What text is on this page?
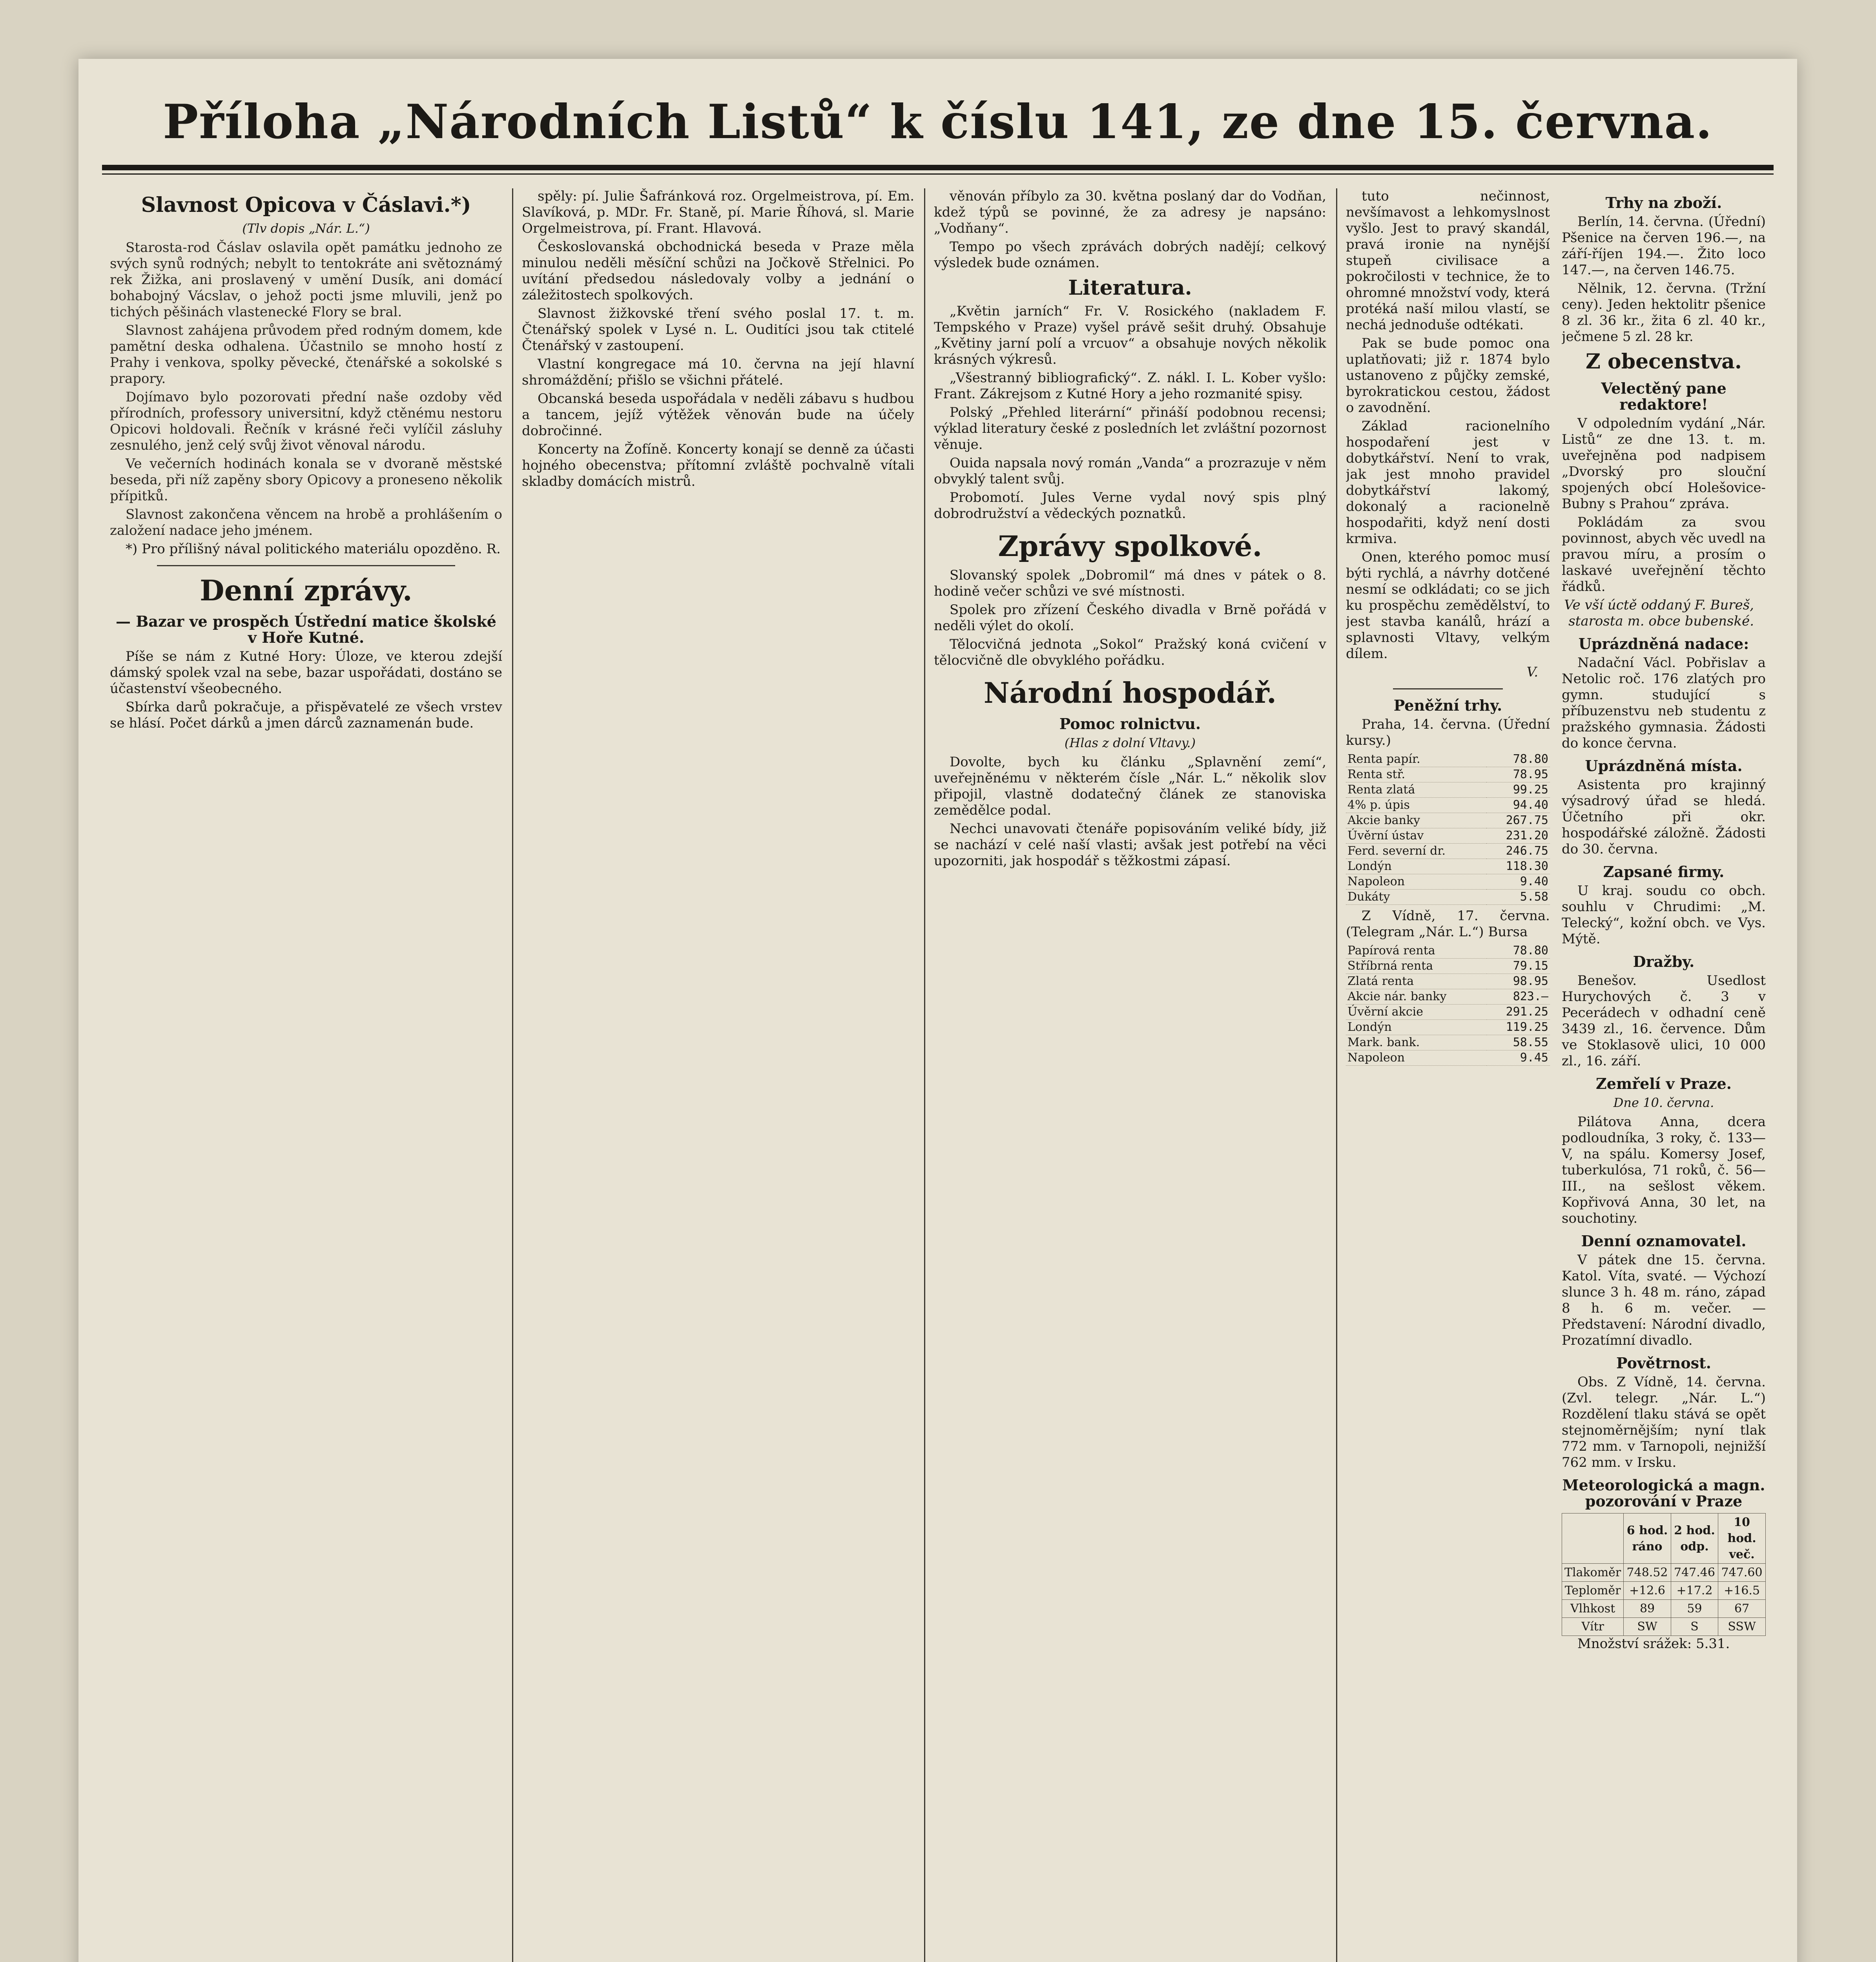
Příloha „Národních Listů“ k číslu 141, ze dne 15. června.
Slavnost Opicova v Čáslavi.*)
(Tlv dopis „Nár. L.“)

Starosta-rod Čáslav oslavila opět památku jednoho ze svých synů rodných; nebylt to tentokráte ani světoznámý rek Žižka, ani proslavený v umění Dusík, ani domácí bohabojný Vácslav, o jehož pocti jsme mluvili, jenž po tichých pěšinách vlastenecké Flory se bral.

Slavnost zahájena průvodem před rodným domem, kde pamětní deska odhalena. Účastnilo se mnoho hostí z Prahy i venkova, spolky pěvecké, čtenářské a sokolské s prapory.

Dojímavo bylo pozorovati přední naše ozdoby věd přírodních, professory universitní, když ctěnému nestoru Opicovi holdovali. Řečník v krásné řeči vylíčil zásluhy zesnulého, jenž celý svůj život věnoval národu.

Ve večerních hodinách konala se v dvoraně městské beseda, při níž zapěny sbory Opicovy a proneseno několik přípitků.

Slavnost zakončena věncem na hrobě a prohlášením o založení nadace jeho jménem.

*) Pro přílišný nával politického materiálu opozděno. R.

Denní zprávy.
— Bazar ve prospěch Ústřední matice školské v Hoře Kutné.

Píše se nám z Kutné Hory: Úloze, ve kterou zdejší dámský spolek vzal na sebe, bazar uspořádati, dostáno se účastenství všeobecného.

Sbírka darů pokračuje, a přispěvatelé ze všech vrstev se hlásí. Počet dárků a jmen dárců zaznamenán bude.

spěly: pí. Julie Šafránková roz. Orgelmeistrova, pí. Em. Slavíková, p. MDr. Fr. Staně, pí. Marie Říhová, sl. Marie Orgelmeistrova, pí. Frant. Hlavová.

Českoslovanská obchodnická beseda v Praze měla minulou neděli měsíční schůzi na Jočkově Střelnici. Po uvítání předsedou následovaly volby a jednání o záležitostech spolkových.

Slavnost žižkovské tření svého poslal 17. t. m. Čtenářský spolek v Lysé n. L. Ouditíci jsou tak ctitelé Čtenářský v zastoupení.

Vlastní kongregace má 10. června na její hlavní shromáždění; přišlo se všichni přátelé.

Obcanská beseda uspořádala v neděli zábavu s hudbou a tancem, jejíž výtěžek věnován bude na účely dobročinné.

Koncerty na Žofíně. Koncerty konají se denně za účasti hojného obecenstva; přítomní zvláště pochvalně vítali skladby domácích mistrů.

věnován příbylo za 30. května poslaný dar do Vodňan, kdež týpů se povinné, že za adresy je napsáno: „Vodňany“.

Tempo po všech zprávách dobrých nadějí; celkový výsledek bude oznámen.

Literatura.

„Květin jarních“ Fr. V. Rosického (nakladem F. Tempského v Praze) vyšel právě sešit druhý. Obsahuje „Květiny jarní polí a vrcuov“ a obsahuje nových několik krásných výkresů.

„Všestranný bibliografický“. Z. nákl. I. L. Kober vyšlo: Frant. Zákrejsom z Kutné Hory a jeho rozmanité spisy.

Polský „Přehled literární“ přináší podobnou recensi; výklad literatury české z posledních let zvláštní pozornost věnuje.

Ouida napsala nový román „Vanda“ a prozrazuje v něm obvyklý talent svůj.

Probomotí. Jules Verne vydal nový spis plný dobrodružství a vědeckých poznatků.

Zprávy spolkové.

Slovanský spolek „Dobromil“ má dnes v pátek o 8. hodině večer schůzi ve své místnosti.

Spolek pro zřízení Českého divadla v Brně pořádá v neděli výlet do okolí.

Tělocvičná jednota „Sokol“ Pražský koná cvičení v tělocvičně dle obvyklého pořádku.

Národní hospodář.
Pomoc rolnictvu.
(Hlas z dolní Vltavy.)

Dovolte, bych ku článku „Splavnění zemí“, uveřejněnému v některém čísle „Nár. L.“ několik slov připojil, vlastně dodatečný článek ze stanoviska zemědělce podal.

Nechci unavovati čtenáře popisováním veliké bídy, již se nachází v celé naší vlasti; avšak jest potřebí na věci upozorniti, jak hospodář s těžkostmi zápasí.

tuto nečinnost, nevšímavost a lehkomyslnost vyšlo. Jest to pravý skandál, pravá ironie na nynější stupeň civilisace a pokročilosti v technice, že to ohromné množství vody, která protéká naší milou vlastí, se nechá jednoduše odtékati.

Pak se bude pomoc ona uplatňovati; již r. 1874 bylo ustanoveno z půjčky zemské, byrokratickou cestou, žádost o zavodnění.

Základ racionelního hospodaření jest v dobytkářství. Není to vrak, jak jest mnoho pravidel dobytkářství lakomý, dokonalý a racionelně hospodařiti, když není dosti krmiva.

Onen, kterého pomoc musí býti rychlá, a návrhy dotčené nesmí se odkládati; co se jich ku prospěchu zemědělství, to jest stavba kanálů, hrází a splavnosti Vltavy, velkým dílem.

V.
Peněžní trhy.

Praha, 14. června. (Úřední kursy.)

Renta papír.	78.80
Renta stř.	78.95
Renta zlatá	99.25
4% p. úpis	94.40
Akcie banky	267.75
Úvěrní ústav	231.20
Ferd. severní dr.	246.75
Londýn	118.30
Napoleon	9.40
Dukáty	5.58

Z Vídně, 17. června. (Telegram „Nár. L.“) Bursa

Papírová renta	78.80
Stříbrná renta	79.15
Zlatá renta	98.95
Akcie nár. banky	823.—
Úvěrní akcie	291.25
Londýn	119.25
Mark. bank.	58.55
Napoleon	9.45
Trhy na zboží.

Berlín, 14. června. (Úřední) Pšenice na červen 196.—, na září-říjen 194.—. Žito loco 147.—, na červen 146.75.

Nělnik, 12. června. (Tržní ceny). Jeden hektolitr pšenice 8 zl. 36 kr., žita 6 zl. 40 kr., ječmene 5 zl. 28 kr.

Z obecenstva.
Velectěný pane redaktore!

V odpoledním vydání „Nár. Listů“ ze dne 13. t. m. uveřejněna pod nadpisem „Dvorský pro slouční spojených obcí Holešovice-Bubny s Prahou“ zpráva.

Pokládám za svou povinnost, abych věc uvedl na pravou míru, a prosím o laskavé uveřejnění těchto řádků.

Ve vší úctě oddaný F. Bureš, starosta m. obce bubenské.
Uprázdněná nadace:

Nadační Václ. Pobřislav a Netolic roč. 176 zlatých pro gymn. studující s příbuzenstvu neb studentu z pražského gymnasia. Žádosti do konce června.

Uprázdněná místa.

Asistenta pro krajinný výsadrový úřad se hledá. Účetního při okr. hospodářské záložně. Žádosti do 30. června.

Zapsané firmy.

U kraj. soudu co obch. souhlu v Chrudimi: „M. Telecký“, kožní obch. ve Vys. Mýtě.

Dražby.

Benešov. Usedlost Hurychových č. 3 v Pecerádech v odhadní ceně 3439 zl., 16. července. Dům ve Stoklasově ulici, 10 000 zl., 16. září.

Zemřelí v Praze.
Dne 10. června.

Pilátova Anna, dcera podloudníka, 3 roky, č. 133—V, na spálu. Komersy Josef, tuberkulósa, 71 roků, č. 56—III., na sešlost věkem. Kopřivová Anna, 30 let, na souchotiny.

Denní oznamovatel.

V pátek dne 15. června. Katol. Víta, svaté. — Výchozí slunce 3 h. 48 m. ráno, západ 8 h. 6 m. večer. — Představení: Národní divadlo, Prozatímní divadlo.

Povětrnost.

Obs. Z Vídně, 14. června. (Zvl. telegr. „Nár. L.“) Rozdělení tlaku stává se opět stejnoměrnějším; nyní tlak 772 mm. v Tarnopoli, nejnižší 762 mm. v Irsku.

Meteorologická a magn. pozorování v Praze
	6 hod. ráno	2 hod. odp.	10 hod. več.
Tlakoměr	748.52	747.46	747.60
Teploměr	+12.6	+17.2	+16.5
Vlhkost	89	59	67
Vítr	SW	S	SSW

Množství srážek: 5.31.
